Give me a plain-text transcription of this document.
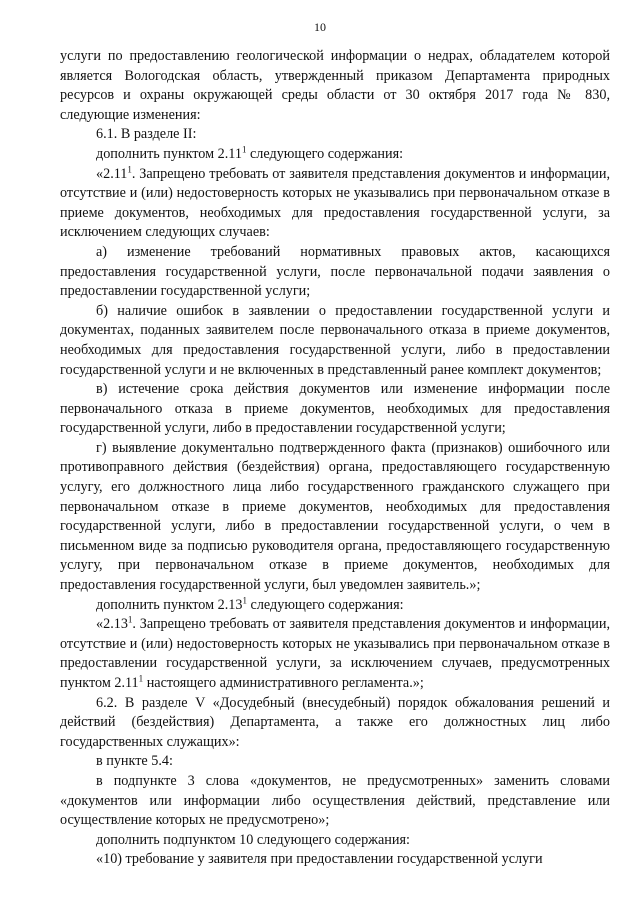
10

услуги по предоставлению геологической информации о недрах, обладателем которой является Вологодская область, утвержденный приказом Департамента природных ресурсов и охраны окружающей среды области от 30 октября 2017 года № 830, следующие изменения:

6.1. В разделе II:

дополнить пунктом 2.11$^1$ следующего содержания:

«2.11$^1$. Запрещено требовать от заявителя представления документов и информации, отсутствие и (или) недостоверность которых не указывались при первоначальном отказе в приеме документов, необходимых для предоставления государственной услуги, за исключением следующих случаев:

а) изменение требований нормативных правовых актов, касающихся предоставления государственной услуги, после первоначальной подачи заявления о предоставлении государственной услуги;

б) наличие ошибок в заявлении о предоставлении государственной услуги и документах, поданных заявителем после первоначального отказа в приеме документов, необходимых для предоставления государственной услуги, либо в предоставлении государственной услуги и не включенных в представленный ранее комплект документов;

в) истечение срока действия документов или изменение информации после первоначального отказа в приеме документов, необходимых для предоставления государственной услуги, либо в предоставлении государственной услуги;

г) выявление документально подтвержденного факта (признаков) ошибочного или противоправного действия (бездействия) органа, предоставляющего государственную услугу, его должностного лица либо государственного гражданского служащего при первоначальном отказе в приеме документов, необходимых для предоставления государственной услуги, либо в предоставлении государственной услуги, о чем в письменном виде за подписью руководителя органа, предоставляющего государственную услугу, при первоначальном отказе в приеме документов, необходимых для предоставления государственной услуги, был уведомлен заявитель.»;

дополнить пунктом 2.13$^1$ следующего содержания:

«2.13$^1$. Запрещено требовать от заявителя представления документов и информации, отсутствие и (или) недостоверность которых не указывались при первоначальном отказе в предоставлении государственной услуги, за исключением случаев, предусмотренных пунктом 2.11$^1$ настоящего административного регламента.»;

6.2. В разделе V «Досудебный (внесудебный) порядок обжалования решений и действий (бездействия) Департамента, а также его должностных лиц либо государственных служащих»:

в пункте 5.4:

в подпункте 3 слова «документов, не предусмотренных» заменить словами «документов или информации либо осуществления действий, представление или осуществление которых не предусмотрено»;

дополнить подпунктом 10 следующего содержания:

«10) требование у заявителя при предоставлении государственной услуги
